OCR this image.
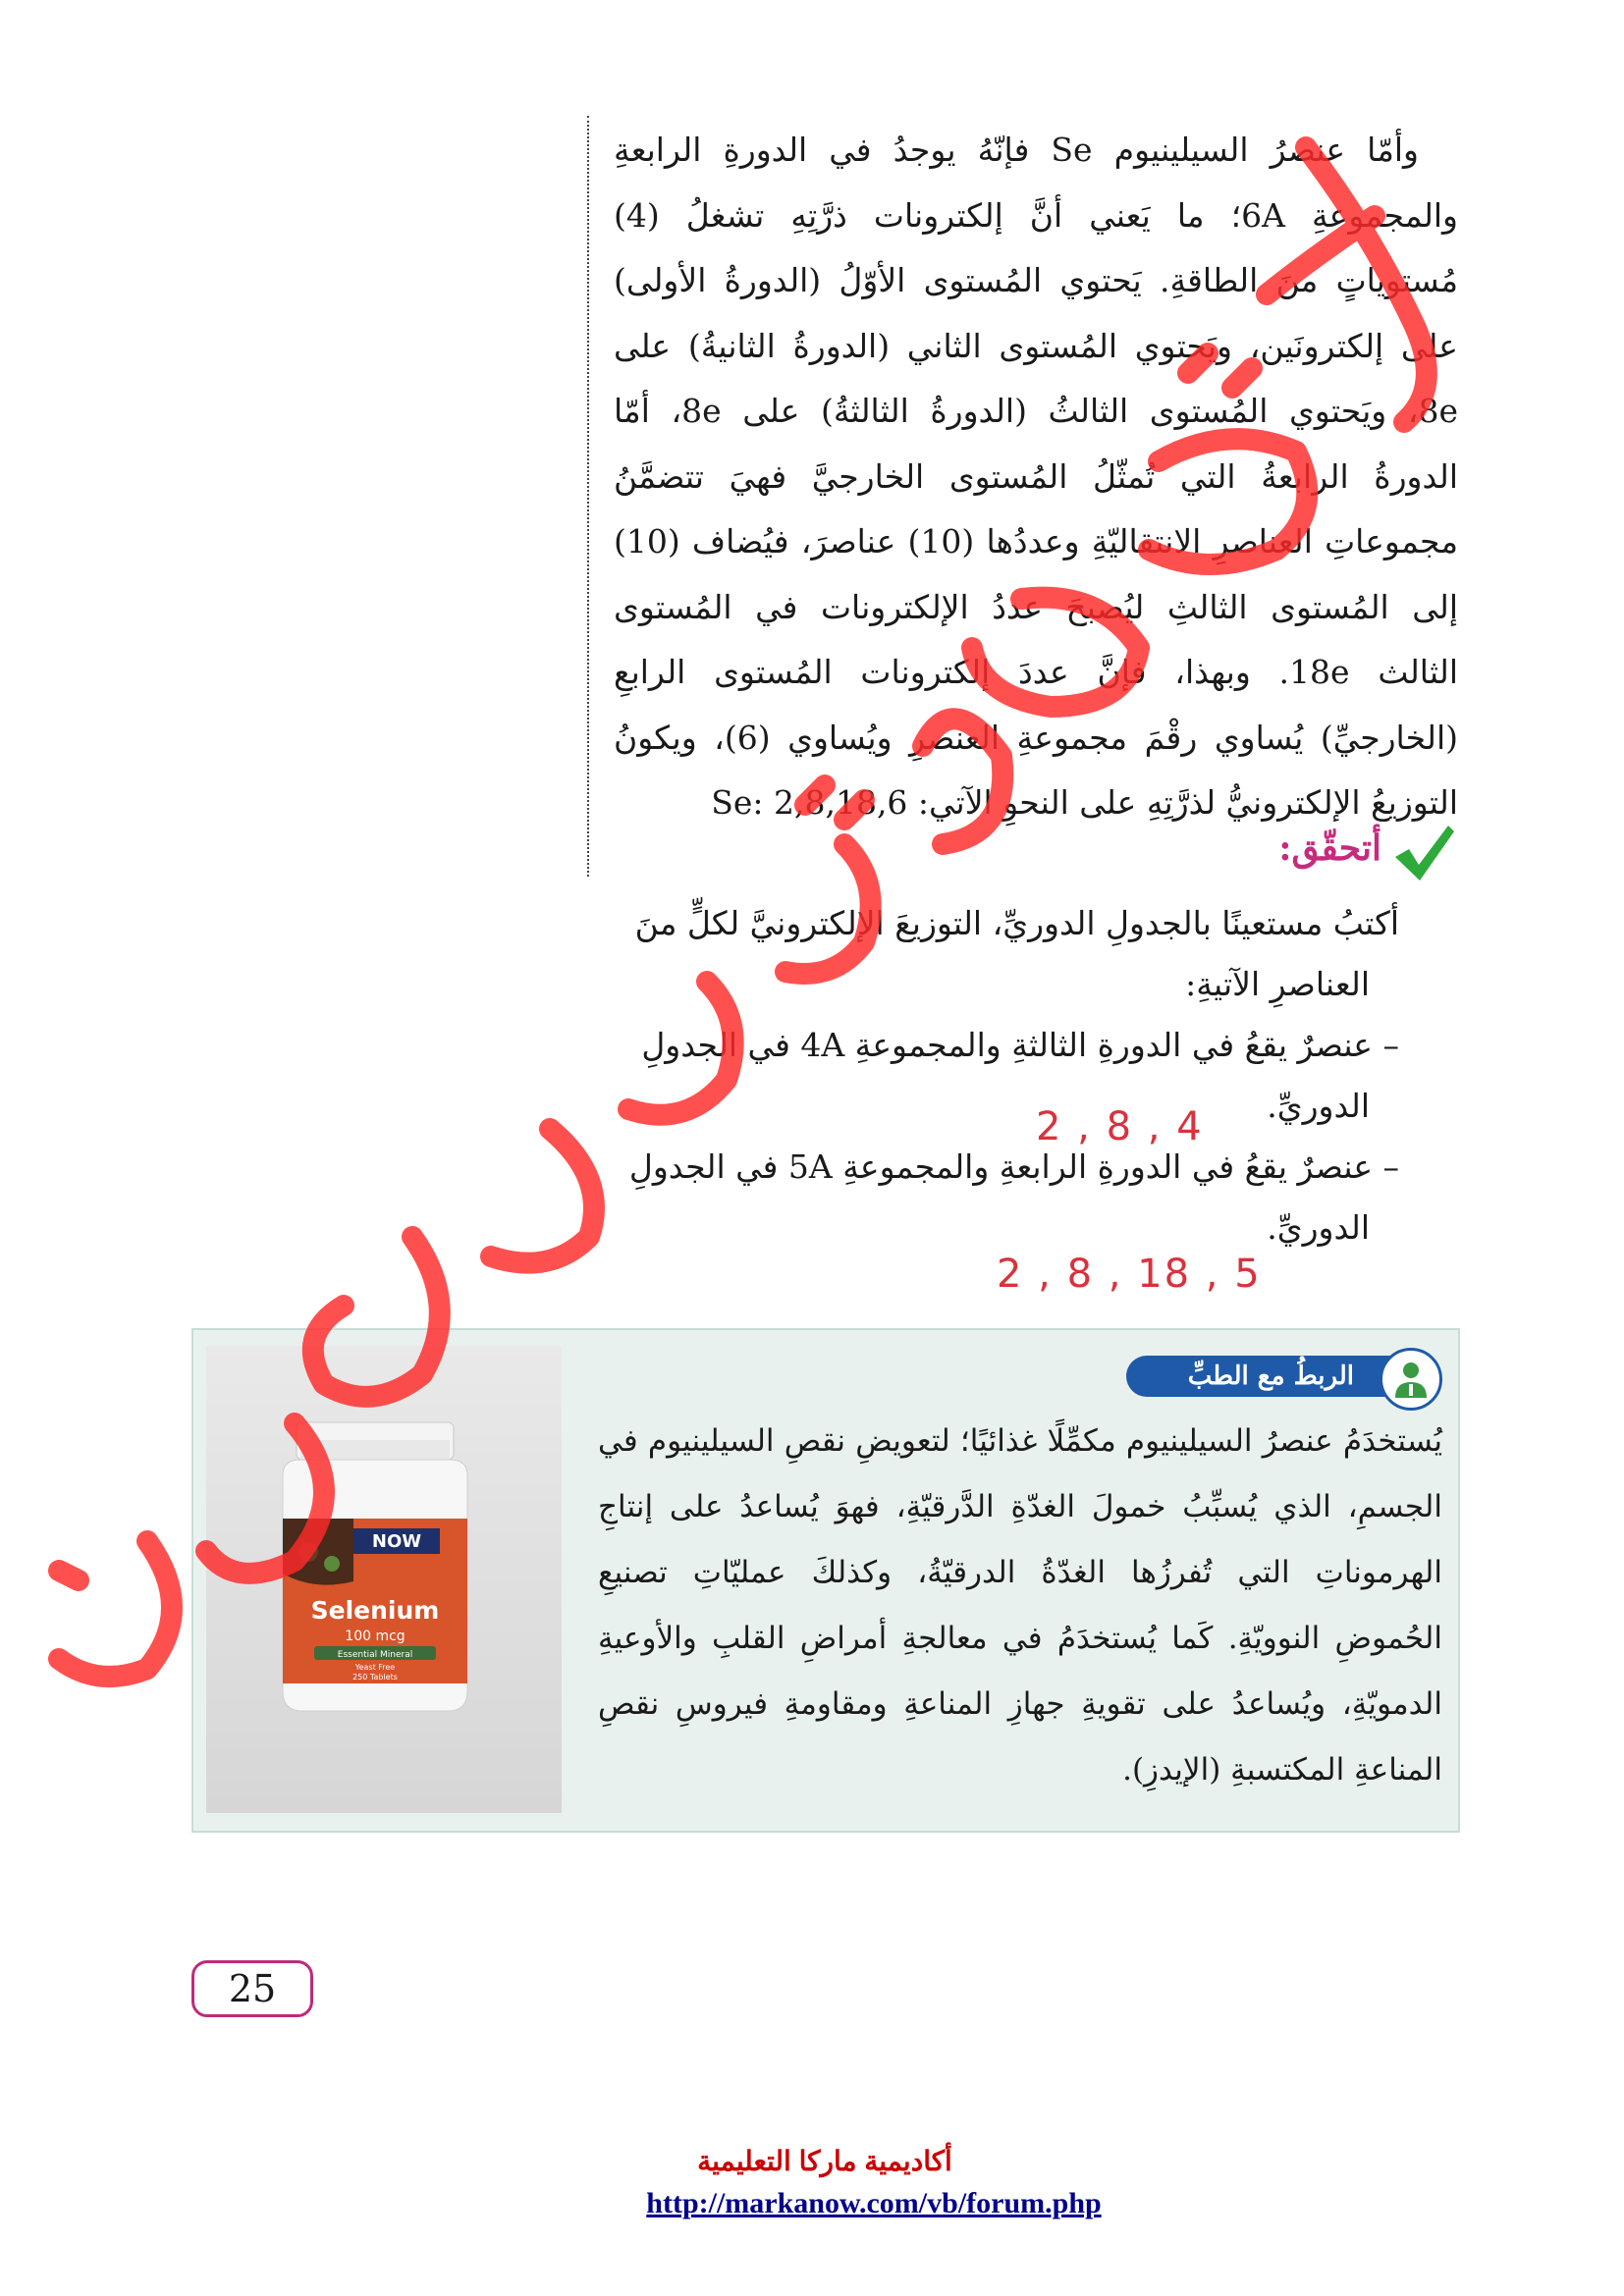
وأمّا عنصرُ السيلينيوم Se فإنّهُ يوجدُ في الدورةِ الرابعةِ والمجموعةِ 6A؛ ما يَعني أنَّ إلكترونات ذرَّتِهِ تشغلُ (4) مُستوياتٍ منَ الطاقةِ. يَحتوي المُستوى الأوّلُ (الدورةُ الأولى) على إلكترونَين، ويَحتوي المُستوى الثاني (الدورةُ الثانيةُ) على 8e، ويَحتوي المُستوى الثالثُ (الدورةُ الثالثةُ) على 8e، أمّا الدورةُ الرابعةُ التي تُمثّلُ المُستوى الخارجيَّ فهيَ تتضمَّنُ مجموعاتِ العناصرِ الانتقاليّةِ وعددُها (10) عناصرَ، فيُضاف (10) إلى المُستوى الثالثِ ليُصبحَ عددُ الإلكترونات في المُستوى الثالث 18e. وبهذا، فإنَّ عددَ إلكترونات المُستوى الرابعِ (الخارجيِّ) يُساوي رقْمَ مجموعةِ العنصرِ ويُساوي (6)، ويكونُ التوزيعُ الإلكترونيُّ لذرَّتِهِ على النحوِ الآتي: Se: 2,8,18,6

أتحقّق:

أكتبُ مستعينًا بالجدولِ الدوريِّ، التوزيعَ الإلكترونيَّ لكلٍّ منَ

العناصرِ الآتيةِ:

– عنصرٌ يقعُ في الدورةِ الثالثةِ والمجموعةِ 4A في الجدولِ

الدوريِّ.

– عنصرٌ يقعُ في الدورةِ الرابعةِ والمجموعةِ 5A في الجدولِ

الدوريِّ.

2 , 8 , 4
2 , 8 , 18 , 5
NOW
Selenium
100 mcg
Essential Mineral
Yeast Free
250 Tablets
الربطُ مع الطبِّ
يُستخدَمُ عنصرُ السيلينيوم مكمِّلًا غذائيًا؛ لتعويضِ نقصِ السيلينيوم في الجسمِ، الذي يُسبِّبُ خمولَ الغدّةِ الدَّرقيّةِ، فهوَ يُساعدُ على إنتاجِ الهرموناتِ التي تُفرزُها الغدّةُ الدرقيّةُ، وكذلكَ عمليّاتِ تصنيعِ الحُموضِ النوويّةِ. كَما يُستخدَمُ في معالجةِ أمراضِ القلبِ والأوعيةِ الدمويّةِ، ويُساعدُ على تقويةِ جهازِ المناعةِ ومقاومةِ فيروسِ نقصِ المناعةِ المكتسبةِ (الإيدزِ).
25
أكاديمية ماركا التعليمية
http://markanow.com/vb/forum.php
